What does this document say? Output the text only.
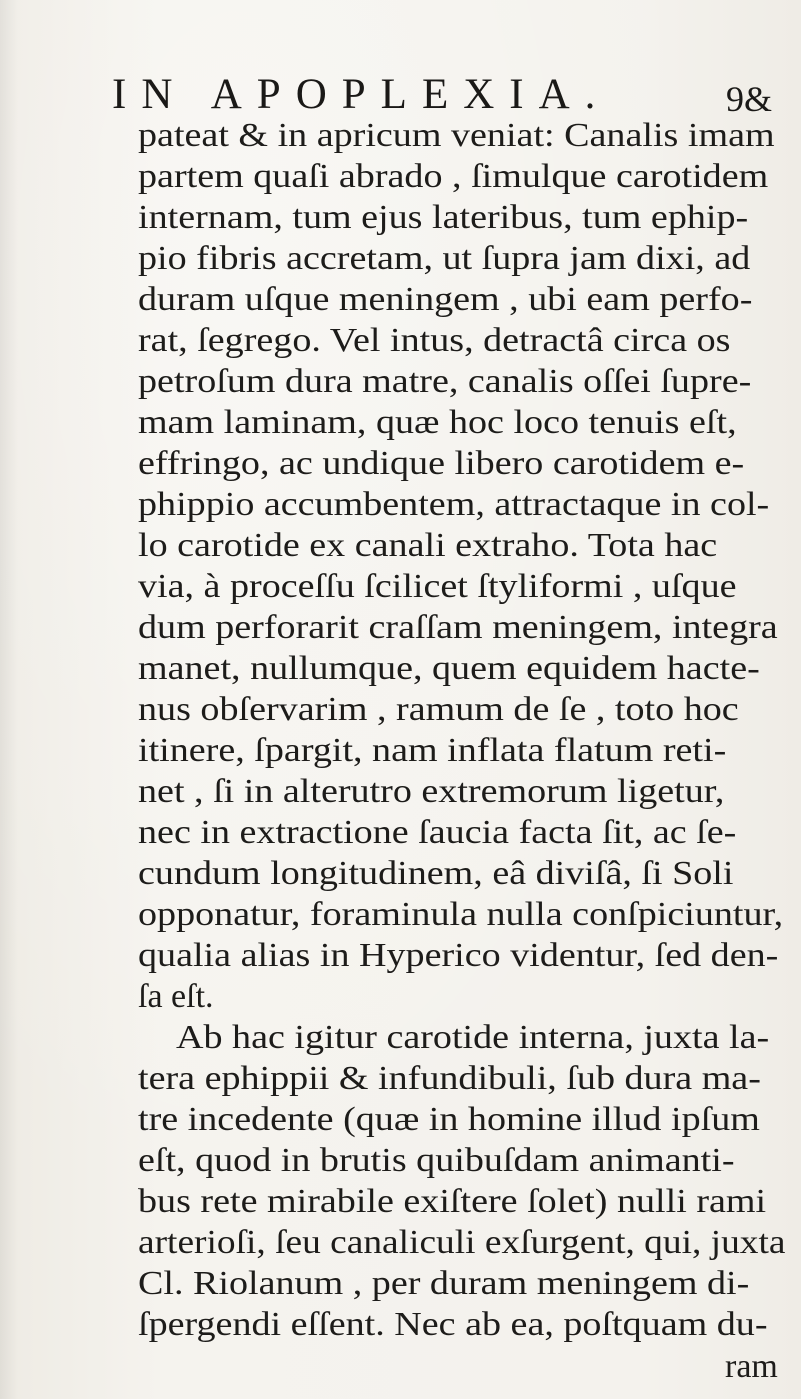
IN APOPLEXIA.	9&
pateat & in apricum veniat: Canalis imam
partem quaſi abrado , ſimulque carotidem
internam, tum ejus lateribus, tum ephip-
pio fibris accretam, ut ſupra jam dixi, ad
duram uſque meningem , ubi eam perfo-
rat, ſegrego. Vel intus, detractâ circa os
petroſum dura matre, canalis oſſei ſupre-
mam laminam, quæ hoc loco tenuis eſt,
effringo, ac undique libero carotidem e-
phippio accumbentem, attractaque in col-
lo carotide ex canali extraho. Tota hac
via, à proceſſu ſcilicet ſtyliformi , uſque
dum perforarit craſſam meningem, integra
manet, nullumque, quem equidem hacte-
nus obſervarim , ramum de ſe , toto hoc
itinere, ſpargit, nam inflata flatum reti-
net , ſi in alterutro extremorum ligetur,
nec in extractione ſaucia facta ſit, ac ſe-
cundum longitudinem, eâ diviſâ, ſi Soli
opponatur, foraminula nulla conſpiciuntur,
qualia alias in Hyperico videntur, ſed den-
ſa eſt.
Ab hac igitur carotide interna, juxta la-
tera ephippii & infundibuli, ſub dura ma-
tre incedente (quæ in homine illud ipſum
eſt, quod in brutis quibuſdam animanti-
bus rete mirabile exiſtere ſolet) nulli rami
arterioſi, ſeu canaliculi exſurgent, qui, juxta
Cl. Riolanum , per duram meningem di-
ſpergendi eſſent. Nec ab ea, poſtquam du-
ram
